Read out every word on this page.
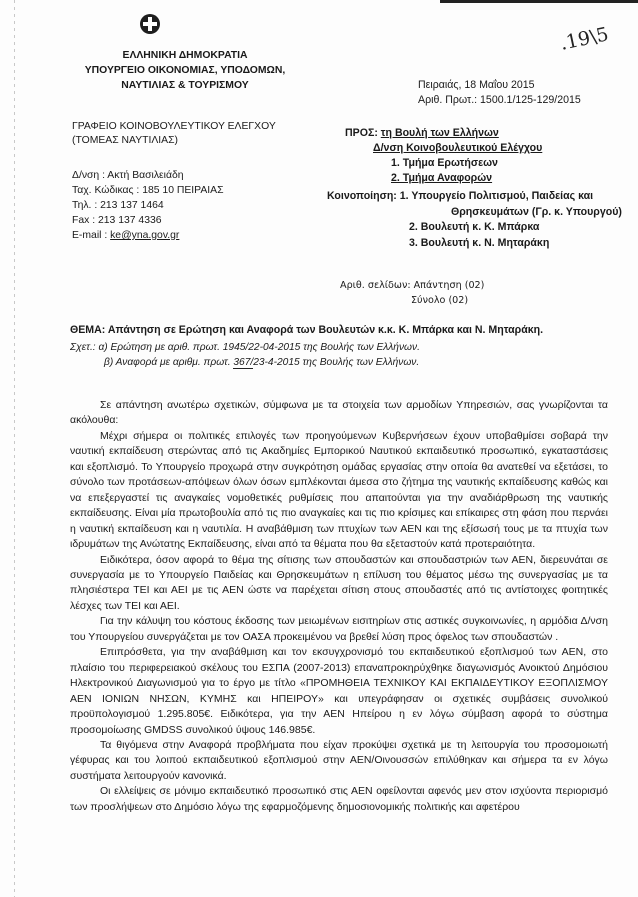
ΕΛΛΗΝΙΚΗ ΔΗΜΟΚΡΑΤΙΑ
ΥΠΟΥΡΓΕΙΟ ΟΙΚΟΝΟΜΙΑΣ, ΥΠΟΔΟΜΩΝ,
ΝΑΥΤΙΛΙΑΣ & ΤΟΥΡΙΣΜΟΥ
.19\5
Πειραιάς, 18 Μαΐου 2015
Αριθ. Πρωτ.: 1500.1/125-129/2015
ΓΡΑΦΕΙΟ ΚΟΙΝΟΒΟΥΛΕΥΤΙΚΟΥ ΕΛΕΓΧΟΥ
(ΤΟΜΕΑΣ ΝΑΥΤΙΛΙΑΣ)
Δ/νση : Ακτή Βασιλειάδη
Ταχ. Κώδικας : 185 10 ΠΕΙΡΑΙΑΣ
Τηλ. : 213 137 1464
Fax : 213 137 4336
E-mail : ke@yna.gov.gr
ΠΡΟΣ: τη Βουλή των Ελλήνων
Δ/νση Κοινοβουλευτικού Ελέγχου
1. Τμήμα Ερωτήσεων
2. Τμήμα Αναφορών
Κοινοποίηση: 1. Υπουργείο Πολιτισμού, Παιδείας και
Θρησκευμάτων (Γρ. κ. Υπουργού)
2. Βουλευτή κ. Κ. Μπάρκα
3. Βουλευτή κ. Ν. Μηταράκη
Αριθ. σελίδων: Απάντηση (02)
Σύνολο (02)
ΘΕΜΑ: Απάντηση σε Ερώτηση και Αναφορά των Βουλευτών κ.κ. Κ. Μπάρκα και Ν. Μηταράκη.
Σχετ.: α) Ερώτηση με αριθ. πρωτ. 1945/22-04-2015 της Βουλής των Ελλήνων.
β) Αναφορά με αριθμ. πρωτ. 367/23-4-2015 της Βουλής των Ελλήνων.

Σε απάντηση ανωτέρω σχετικών, σύμφωνα με τα στοιχεία των αρμοδίων Υπηρεσιών, σας γνωρίζονται τα ακόλουθα:

Μέχρι σήμερα οι πολιτικές επιλογές των προηγούμενων Κυβερνήσεων έχουν υποβαθμίσει σοβαρά την ναυτική εκπαίδευση στερώντας από τις Ακαδημίες Εμπορικού Ναυτικού εκπαιδευτικό προσωπικό, εγκαταστάσεις και εξοπλισμό. Το Υπουργείο προχωρά στην συγκρότηση ομάδας εργασίας στην οποία θα ανατεθεί να εξετάσει, το σύνολο των προτάσεων-απόψεων όλων όσων εμπλέκονται άμεσα στο ζήτημα της ναυτικής εκπαίδευσης καθώς και να επεξεργαστεί τις αναγκαίες νομοθετικές ρυθμίσεις που απαιτούνται για την αναδιάρθρωση της ναυτικής εκπαίδευσης. Είναι μία πρωτοβουλία από τις πιο αναγκαίες και τις πιο κρίσιμες και επίκαιρες στη φάση που περνάει η ναυτική εκπαίδευση και η ναυτιλία. Η αναβάθμιση των πτυχίων των ΑΕΝ και της εξίσωσή τους με τα πτυχία των ιδρυμάτων της Ανώτατης Εκπαίδευσης, είναι από τα θέματα που θα εξεταστούν κατά προτεραιότητα.

Ειδικότερα, όσον αφορά το θέμα της σίτισης των σπουδαστών και σπουδαστριών των ΑΕΝ, διερευνάται σε συνεργασία με το Υπουργείο Παιδείας και Θρησκευμάτων η επίλυση του θέματος μέσω της συνεργασίας με τα πλησιέστερα ΤΕΙ και ΑΕΙ με τις ΑΕΝ ώστε να παρέχεται σίτιση στους σπουδαστές από τις αντίστοιχες φοιτητικές λέσχες των ΤΕΙ και ΑΕΙ.

Για την κάλυψη του κόστους έκδοσης των μειωμένων εισιτηρίων στις αστικές συγκοινωνίες, η αρμόδια Δ/νση του Υπουργείου συνεργάζεται με τον ΟΑΣΑ προκειμένου να βρεθεί λύση προς όφελος των σπουδαστών .

Επιπρόσθετα, για την αναβάθμιση και τον εκσυγχρονισμό του εκπαιδευτικού εξοπλισμού των ΑΕΝ, στο πλαίσιο του περιφερειακού σκέλους του ΕΣΠΑ (2007-2013) επαναπροκηρύχθηκε διαγωνισμός Ανοικτού Δημόσιου Ηλεκτρονικού Διαγωνισμού για το έργο με τίτλο «ΠΡΟΜΗΘΕΙΑ ΤΕΧΝΙΚΟΥ ΚΑΙ ΕΚΠΑΙΔΕΥΤΙΚΟΥ ΕΞΟΠΛΙΣΜΟΥ ΑΕΝ ΙΟΝΙΩΝ ΝΗΣΩΝ, ΚΥΜΗΣ και ΗΠΕΙΡΟΥ» και υπεγράφησαν οι σχετικές συμβάσεις συνολικού προϋπολογισμού 1.295.805€. Ειδικότερα, για την ΑΕΝ Ηπείρου η εν λόγω σύμβαση αφορά το σύστημα προσομοίωσης GMDSS συνολικού ύψους 146.985€.

Τα θιγόμενα στην Αναφορά προβλήματα που είχαν προκύψει σχετικά με τη λειτουργία του προσομοιωτή γέφυρας και του λοιπού εκπαιδευτικού εξοπλισμού στην ΑΕΝ/Οινουσσών επιλύθηκαν και σήμερα τα εν λόγω συστήματα λειτουργούν κανονικά.

Οι ελλείψεις σε μόνιμο εκπαιδευτικό προσωπικό στις ΑΕΝ οφείλονται αφενός μεν στον ισχύοντα περιορισμό των προσλήψεων στο Δημόσιο λόγω της εφαρμοζόμενης δημοσιονομικής πολιτικής και αφετέρου
